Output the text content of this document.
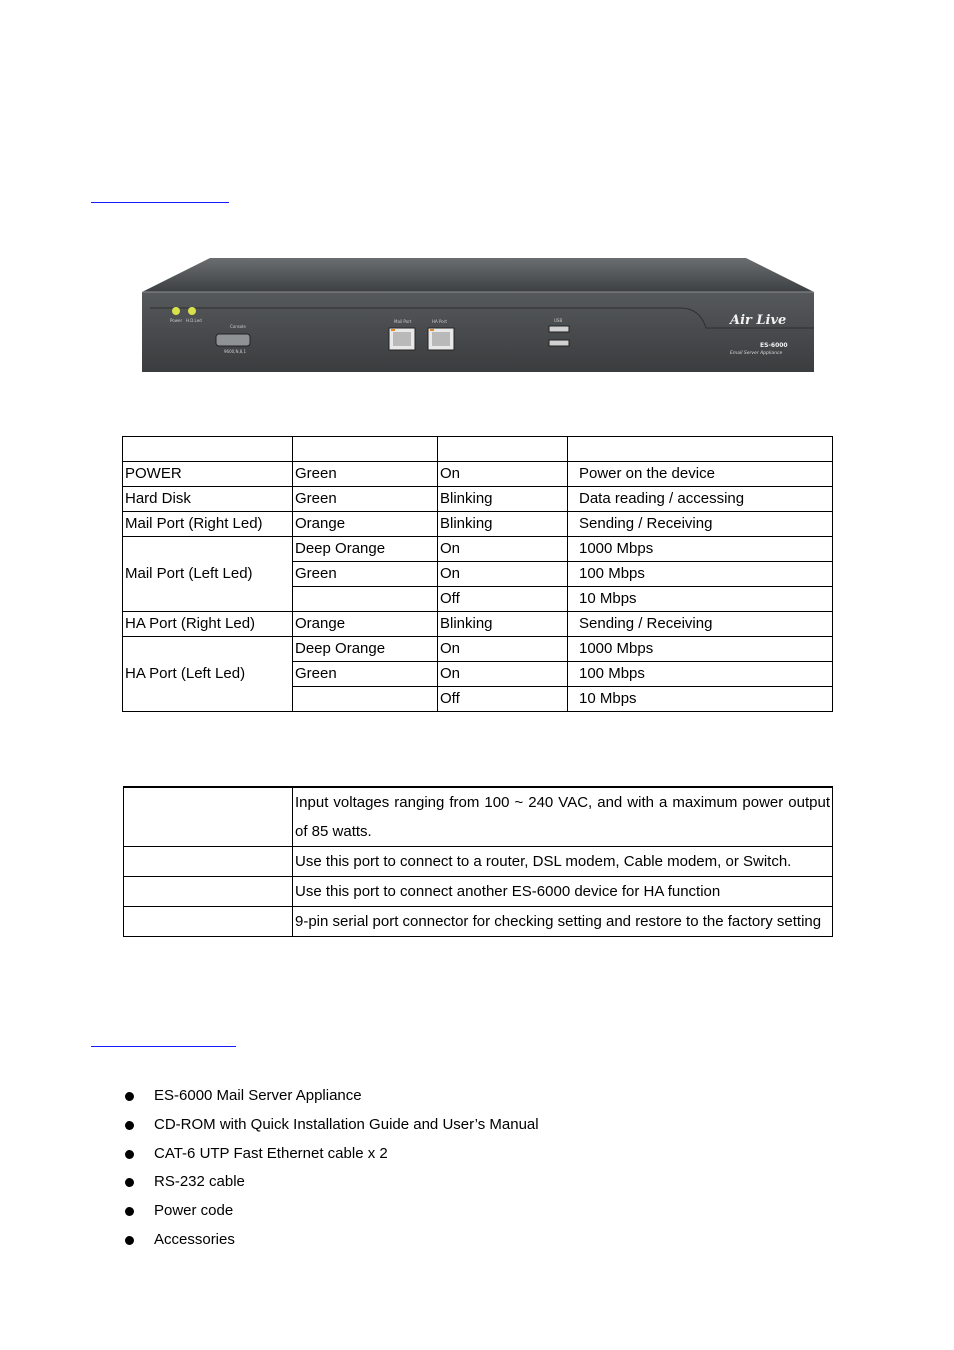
Power H.D.Led
Console
9600,N,8,1
Mail Port	HA Port	USB	Air Live
ES-6000
Email Server Appliance

POWER	Green	On	Power on the device
Hard Disk	Green	Blinking	Data reading / accessing
Mail Port (Right Led)	Orange	Blinking	Sending / Receiving
Mail Port (Left Led)	Deep Orange	On	1000 Mbps
	Green	On	100 Mbps
		Off	10 Mbps
HA Port (Right Led)	Orange	Blinking	Sending / Receiving
HA Port (Left Led)	Deep Orange	On	1000 Mbps
	Green	On	100 Mbps
		Off	10 Mbps

	Input voltages ranging from 100 ~ 240 VAC, and with a maximum power output of 85 watts.
	Use this port to connect to a router, DSL modem, Cable modem, or Switch.
	Use this port to connect another ES-6000 device for HA function
	9-pin serial port connector for checking setting and restore to the factory setting
ES-6000 Mail Server Appliance
CD-ROM with Quick Installation Guide and User’s Manual
CAT-6 UTP Fast Ethernet cable x 2
RS-232 cable
Power code
Accessories
